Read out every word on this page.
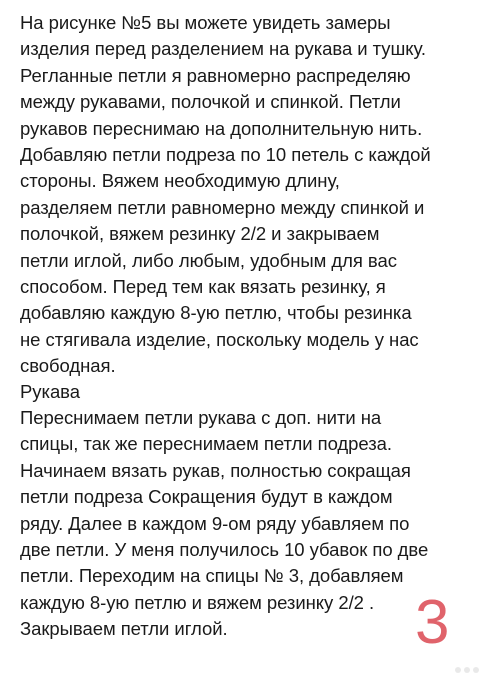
На рисунке №5 вы можете увидеть замеры
изделия перед разделением на рукава и тушку.
Регланные петли я равномерно распределяю
между рукавами, полочкой и спинкой. Петли
рукавов переснимаю на дополнительную нить.
Добавляю петли подреза по 10 петель с каждой
стороны. Вяжем необходимую длину,
разделяем петли равномерно между спинкой и
полочкой, вяжем резинку 2/2 и закрываем
петли иглой, либо любым, удобным для вас
способом. Перед тем как вязать резинку, я
добавляю каждую 8-ую петлю, чтобы резинка
не стягивала изделие, поскольку модель у нас
свободная.
Рукава
Переснимаем петли рукава с доп. нити на
спицы, так же переснимаем петли подреза.
Начинаем вязать рукав, полностью сокращая
петли подреза Сокращения будут в каждом
ряду. Далее в каждом 9-ом ряду убавляем по
две петли. У меня получилось 10 убавок по две
петли. Переходим на спицы № 3, добавляем
каждую 8-ую петлю и вяжем резинку 2/2 .
Закрываем петли иглой.	3
